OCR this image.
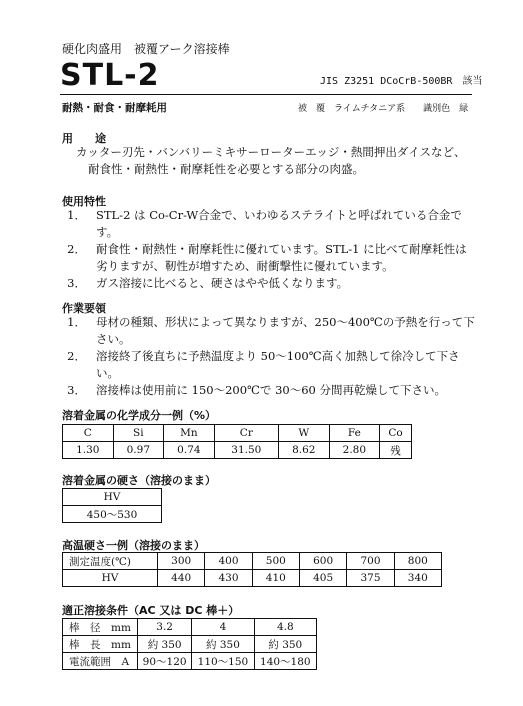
硬化肉盛用　被覆アーク溶接棒
STL-2	JIS Z3251 DCoCrB-500BR　該当
耐熱・耐食・耐摩耗用	被　覆　ライムチタニア系　　識別色　緑
用　　途
カッター刃先・バンバリーミキサーローターエッジ・熱間押出ダイスなど、
耐食性・耐熱性・耐摩耗性を必要とする部分の肉盛。
使用特性
1． STL-2 は Co-Cr-W合金で、いわゆるステライトと呼ばれている合金です。
2． 耐食性・耐熱性・耐摩耗性に優れています。STL-1 に比べて耐摩耗性は劣りますが、靭性が増すため、耐衝撃性に優れています。
3． ガス溶接に比べると、硬さはやや低くなります。
作業要領
1． 母材の種類、形状によって異なりますが、250～400℃の予熱を行って下さい。
2． 溶接終了後直ちに予熱温度より 50～100℃高く加熱して徐冷して下さい。
3． 溶接棒は使用前に 150～200℃で 30～60 分間再乾燥して下さい。
溶着金属の化学成分一例（%）
C	Si	Mn	Cr	W	Fe	Co
1.30	0.97	0.74	31.50	8.62	2.80	残
溶着金属の硬さ（溶接のまま）
HV
450～530
高温硬さ一例（溶接のまま）
測定温度(℃)	300	400	500	600	700	800
HV	440	430	410	405	375	340
適正溶接条件（AC 又は DC 棒＋）
棒　径　mm	3.2	4	4.8
棒　長　mm	約 350	約 350	約 350
電流範囲　A	90～120	110～150	140～180
